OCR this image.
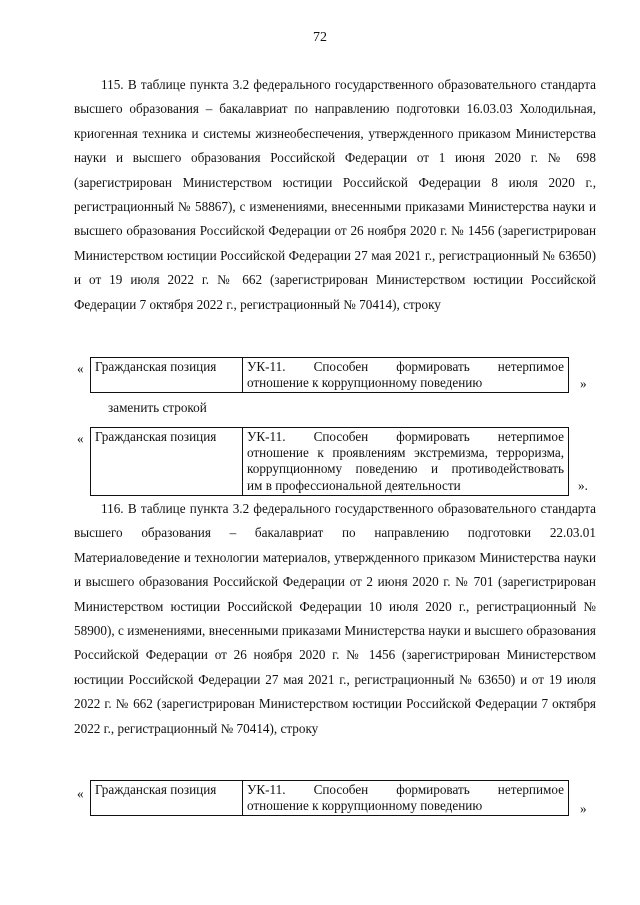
72

115. В таблице пункта 3.2 федерального государственного образовательного стандарта высшего образования – бакалавриат по направлению подготовки 16.03.03 Холодильная, криогенная техника и системы жизнеобеспечения, утвержденного приказом Министерства науки и высшего образования Российской Федерации от 1 июня 2020 г. № 698 (зарегистрирован Министерством юстиции Российской Федерации 8 июля 2020 г., регистрационный № 58867), с изменениями, внесенными приказами Министерства науки и высшего образования Российской Федерации от 26 ноября 2020 г. № 1456 (зарегистрирован Министерством юстиции Российской Федерации 27 мая 2021 г., регистрационный № 63650) и от 19 июля 2022 г. № 662 (зарегистрирован Министерством юстиции Российской Федерации 7 октября 2022 г., регистрационный № 70414), строку

« Гражданская позиция	УК-11. Способен формировать нетерпимое
отношение к коррупционному поведению	»

заменить строкой

« Гражданская позиция	УК-11. Способен формировать нетерпимое
отношение к проявлениям экстремизма, терроризма,
коррупционному поведению и противодействовать
им в профессиональной деятельности	».

116. В таблице пункта 3.2 федерального государственного образовательного стандарта высшего образования – бакалавриат по направлению подготовки 22.03.01 Материаловедение и технологии материалов, утвержденного приказом Министерства науки и высшего образования Российской Федерации от 2 июня 2020 г. № 701 (зарегистрирован Министерством юстиции Российской Федерации 10 июля 2020 г., регистрационный № 58900), с изменениями, внесенными приказами Министерства науки и высшего образования Российской Федерации от 26 ноября 2020 г. № 1456 (зарегистрирован Министерством юстиции Российской Федерации 27 мая 2021 г., регистрационный № 63650) и от 19 июля 2022 г. № 662 (зарегистрирован Министерством юстиции Российской Федерации 7 октября 2022 г., регистрационный № 70414), строку

« Гражданская позиция	УК-11. Способен формировать нетерпимое
отношение к коррупционному поведению	»
